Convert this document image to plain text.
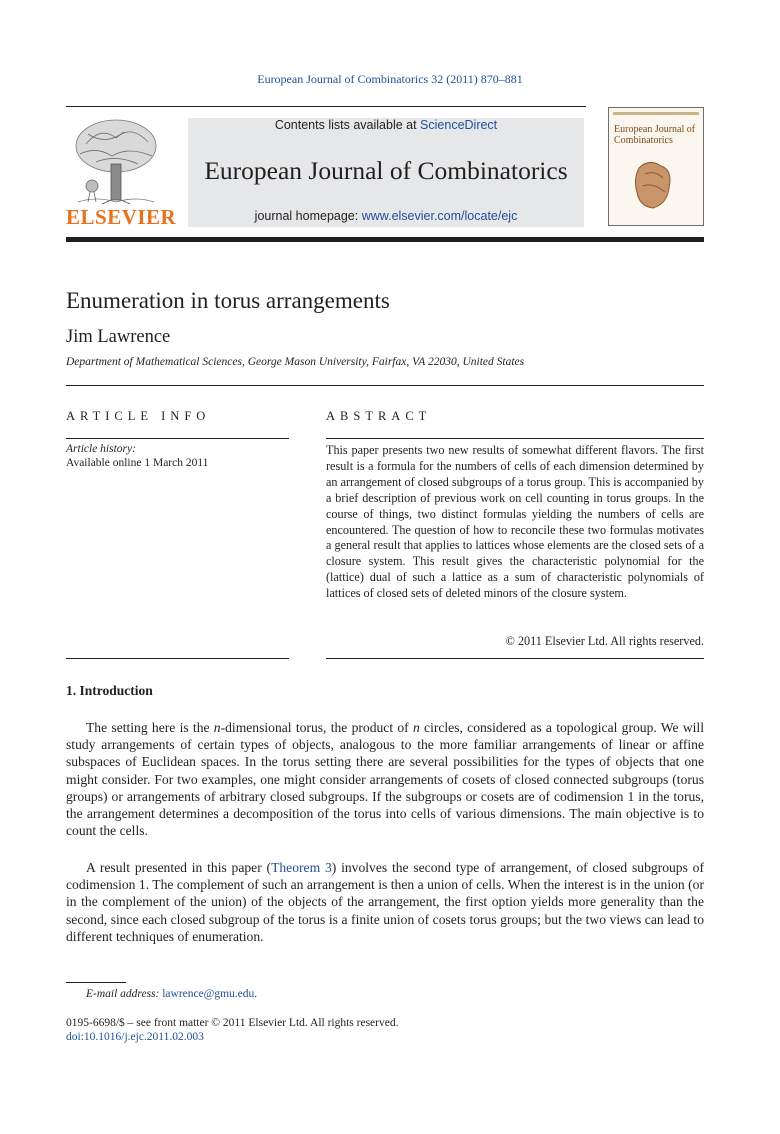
European Journal of Combinatorics 32 (2011) 870–881
ELSEVIER
Contents lists available at ScienceDirect
European Journal of Combinatorics
journal homepage: www.elsevier.com/locate/ejc
European Journal of Combinatorics
Enumeration in torus arrangements
Jim Lawrence
Department of Mathematical Sciences, George Mason University, Fairfax, VA 22030, United States
ARTICLE INFO	ABSTRACT
Article history:
Available online 1 March 2011
This paper presents two new results of somewhat different flavors. The first result is a formula for the numbers of cells of each dimension determined by an arrangement of closed subgroups of a torus group. This is accompanied by a brief description of previous work on cell counting in torus groups. In the course of things, two distinct formulas yielding the numbers of cells are encountered. The question of how to reconcile these two formulas motivates a general result that applies to lattices whose elements are the closed sets of a closure system. This result gives the characteristic polynomial for the (lattice) dual of such a lattice as a sum of characteristic polynomials of lattices of closed sets of deleted minors of the closure system.
© 2011 Elsevier Ltd. All rights reserved.
1. Introduction
The setting here is the n-dimensional torus, the product of n circles, considered as a topological group. We will study arrangements of certain types of objects, analogous to the more familiar arrangements of linear or affine subspaces of Euclidean spaces. In the torus setting there are several possibilities for the types of objects that one might consider. For two examples, one might consider arrangements of cosets of closed connected subgroups (torus groups) or arrangements of arbitrary closed subgroups. If the subgroups or cosets are of codimension 1 in the torus, the arrangement determines a decomposition of the torus into cells of various dimensions. The main objective is to count the cells.
A result presented in this paper (Theorem 3) involves the second type of arrangement, of closed subgroups of codimension 1. The complement of such an arrangement is then a union of cells. When the interest is in the union (or in the complement of the union) of the objects of the arrangement, the first option yields more generality than the second, since each closed subgroup of the torus is a finite union of cosets torus groups; but the two views can lead to different techniques of enumeration.
E-mail address: lawrence@gmu.edu.
0195-6698/$ – see front matter © 2011 Elsevier Ltd. All rights reserved.
doi:10.1016/j.ejc.2011.02.003
